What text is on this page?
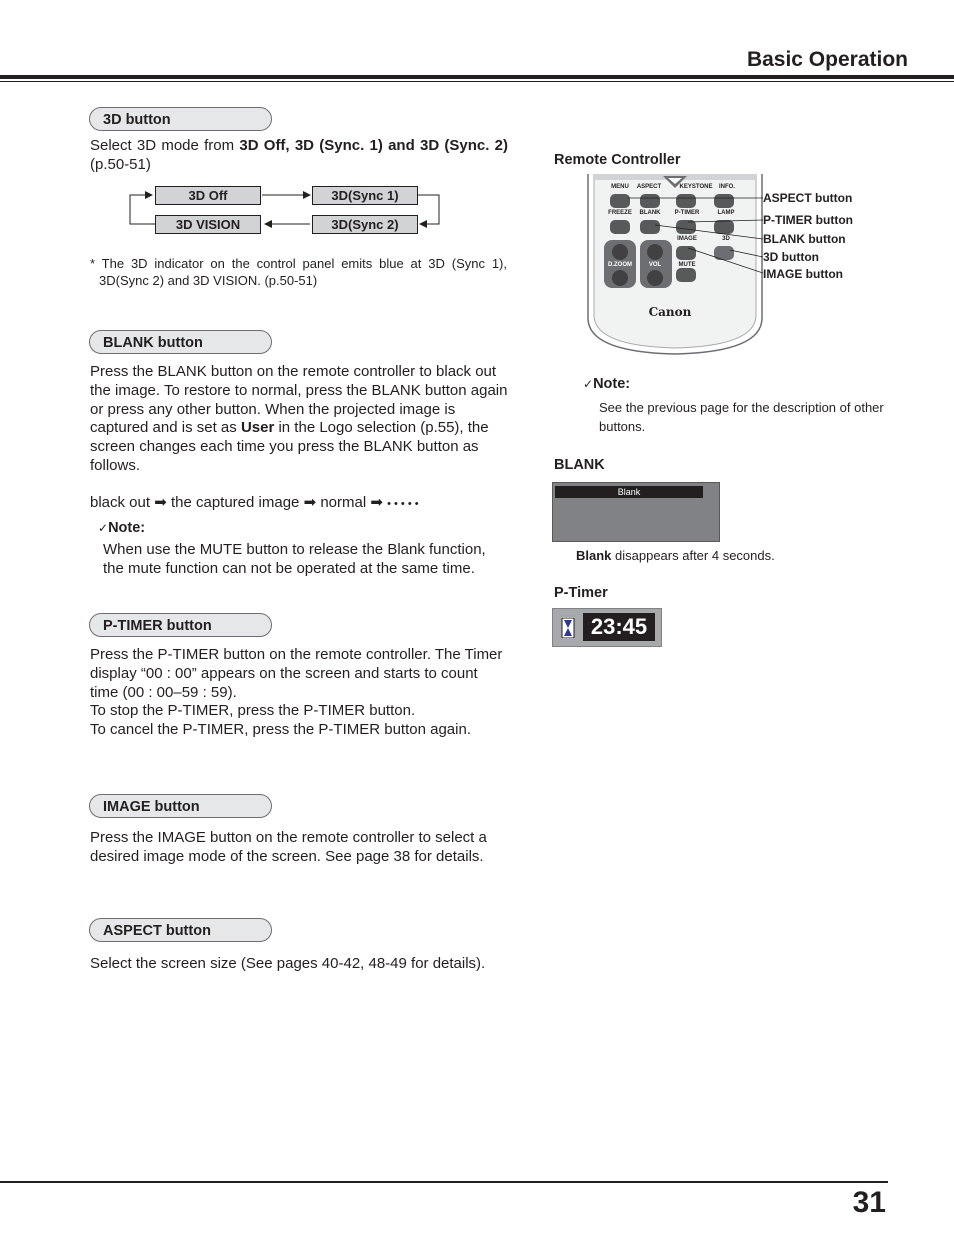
Basic Operation
3D button
Select 3D mode from 3D Off, 3D (Sync. 1) and 3D (Sync. 2) (p.50-51)
3D Off	3D(Sync 1)
3D(Sync 2)
3D VISION
* The 3D indicator on the control panel emits blue at 3D (Sync 1), 3D(Sync 2) and 3D VISION. (p.50-51)
BLANK button
Press the BLANK button on the remote controller to black out the image. To restore to normal, press the BLANK button again or press any other button. When the projected image is captured and is set as User in the Logo selection (p.55), the screen changes each time you press the BLANK button as follows.
black out ➡ the captured image ➡ normal ➡ • • • • •
✓Note:
When use the MUTE button to release the Blank function, the mute function can not be operated at the same time.
P-TIMER button
Press the P-TIMER button on the remote controller. The Timer display “00 : 00” appears on the screen and starts to count time (00 : 00–59 : 59).
To stop the P-TIMER, press the P-TIMER button.
To cancel the P-TIMER, press the P-TIMER button again.
IMAGE button
Press the IMAGE button on the remote controller to select a desired image mode of the screen. See page 38 for details.
ASPECT button
Select the screen size (See pages 40-42, 48-49 for details).
Remote Controller
MENU	ASPECT	KEYSTONE	INFO.
FREEZE	BLANK	P-TIMER	LAMP
IMAGE	3D
D.ZOOM	VOL	MUTE
Canon
ASPECT button
P-TIMER button
BLANK button
3D button
IMAGE button
✓Note:
See the previous page for the description of other buttons.
BLANK
Blank
Blank disappears after 4 seconds.
P-Timer
23:45
31
